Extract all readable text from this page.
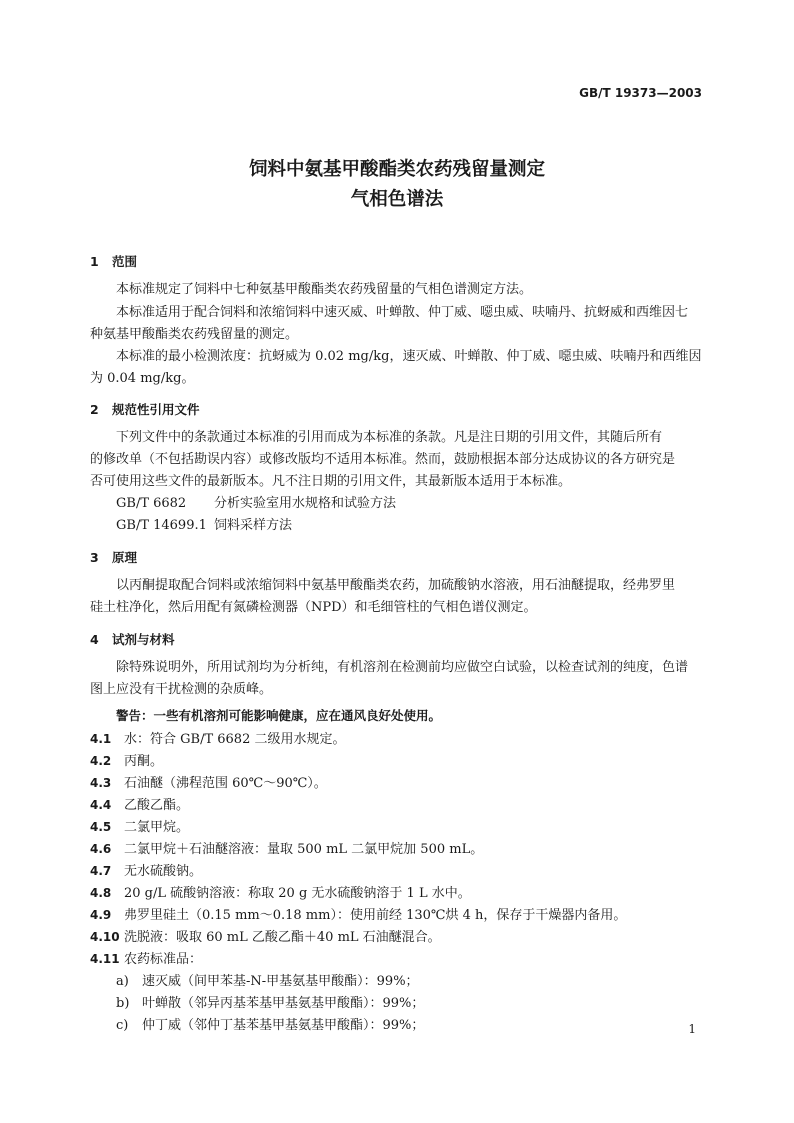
GB/T 19373—2003
饲料中氨基甲酸酯类农药残留量测定
气相色谱法
1 范围
本标准规定了饲料中七种氨基甲酸酯类农药残留量的气相色谱测定方法。
本标准适用于配合饲料和浓缩饲料中速灭威、叶蝉散、仲丁威、噁虫威、呋喃丹、抗蚜威和西维因七
种氨基甲酸酯类农药残留量的测定。
本标准的最小检测浓度：抗蚜威为 0.02 mg/kg，速灭威、叶蝉散、仲丁威、噁虫威、呋喃丹和西维因
为 0.04 mg/kg。
2 规范性引用文件
下列文件中的条款通过本标准的引用而成为本标准的条款。凡是注日期的引用文件，其随后所有
的修改单（不包括勘误内容）或修改版均不适用本标准。然而，鼓励根据本部分达成协议的各方研究是
否可使用这些文件的最新版本。凡不注日期的引用文件，其最新版本适用于本标准。
GB/T 6682 分析实验室用水规格和试验方法
GB/T 14699.1 饲料采样方法
3 原理
以丙酮提取配合饲料或浓缩饲料中氨基甲酸酯类农药，加硫酸钠水溶液，用石油醚提取，经弗罗里
硅土柱净化，然后用配有氮磷检测器（NPD）和毛细管柱的气相色谱仪测定。
4 试剂与材料
除特殊说明外，所用试剂均为分析纯，有机溶剂在检测前均应做空白试验，以检查试剂的纯度，色谱
图上应没有干扰检测的杂质峰。
警告：一些有机溶剂可能影响健康，应在通风良好处使用。
4.1 水：符合 GB/T 6682 二级用水规定。
4.2 丙酮。
4.3 石油醚（沸程范围 60℃～90℃）。
4.4 乙酸乙酯。
4.5 二氯甲烷。
4.6 二氯甲烷＋石油醚溶液：量取 500 mL 二氯甲烷加 500 mL。
4.7 无水硫酸钠。
4.8 20 g/L 硫酸钠溶液：称取 20 g 无水硫酸钠溶于 1 L 水中。
4.9 弗罗里硅土（0.15 mm～0.18 mm）：使用前经 130℃烘 4 h，保存于干燥器内备用。
4.10 洗脱液：吸取 60 mL 乙酸乙酯＋40 mL 石油醚混合。
4.11 农药标准品：
a) 速灭威（间甲苯基-N-甲基氨基甲酸酯）：99%；
b) 叶蝉散（邻异丙基苯基甲基氨基甲酸酯）：99%；
c) 仲丁威（邻仲丁基苯基甲基氨基甲酸酯）：99%；	1
